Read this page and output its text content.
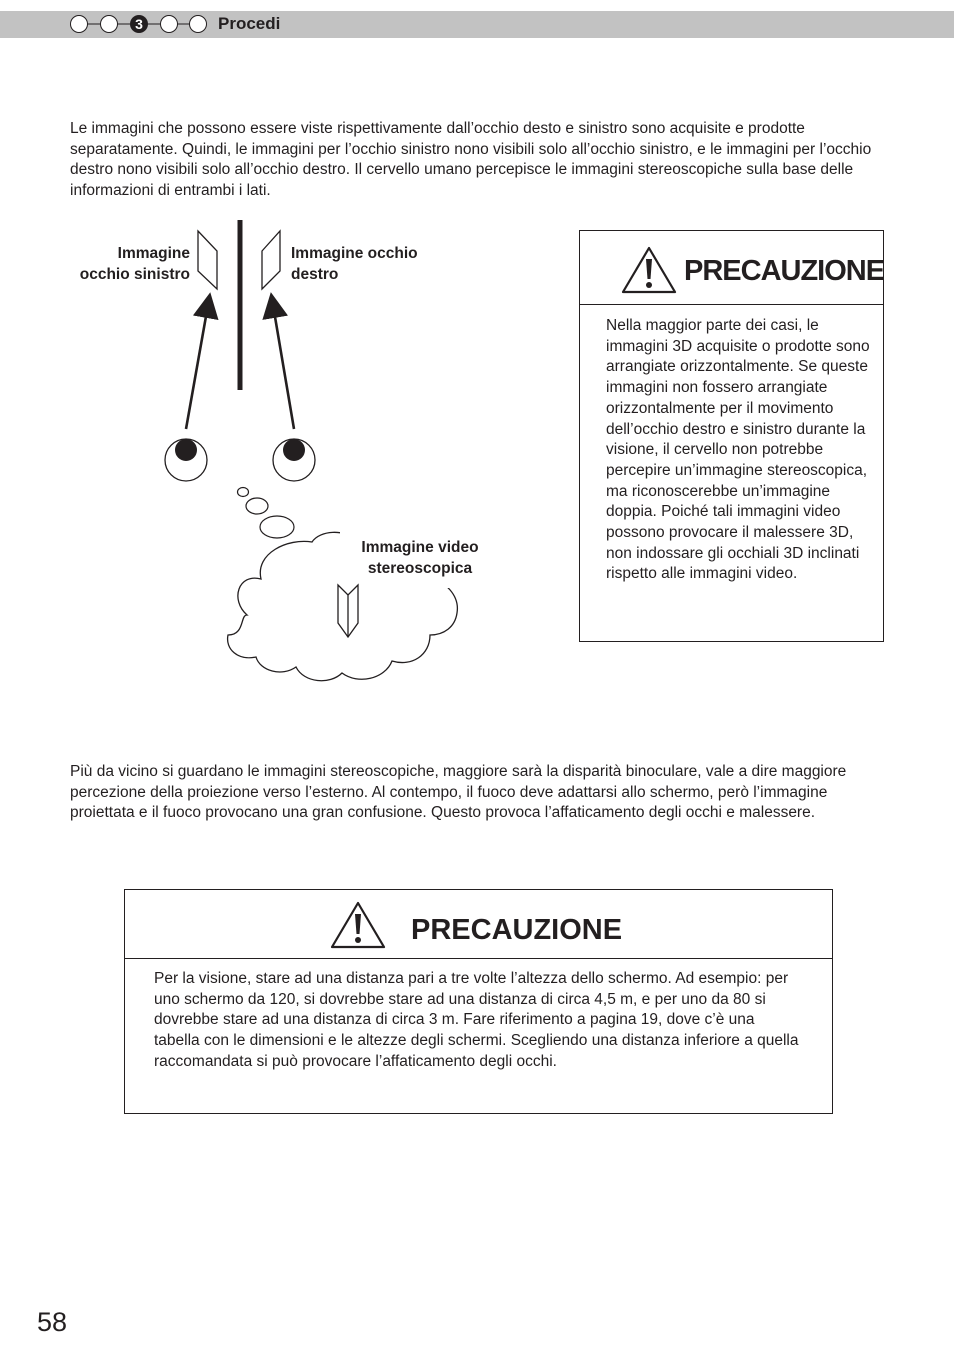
3	Procedi
Le immagini che possono essere viste rispettivamente dall’occhio desto e sinistro sono acquisite e prodotte separatamente. Quindi, le immagini per l’occhio sinistro nono visibili solo all’occhio sinistro, e le immagini per l’occhio destro nono visibili solo all’occhio destro. Il cervello umano percepisce le immagini stereoscopiche sulla base delle informazioni di entrambi i lati.
Immagine
occhio sinistro
Immagine occhio
destro
Immagine video
stereoscopica
PRECAUZIONE
Nella maggior parte dei casi, le immagini 3D acquisite o prodotte sono arrangiate orizzontalmente. Se queste immagini non fossero arrangiate orizzontalmente per il movimento dell’occhio destro e sinistro durante la visione, il cervello non potrebbe percepire un’immagine stereoscopica, ma riconoscerebbe un’immagine doppia. Poiché tali immagini video possono provocare il malessere 3D, non indossare gli occhiali 3D inclinati rispetto alle immagini video.
Più da vicino si guardano le immagini stereoscopiche, maggiore sarà la disparità binoculare, vale a dire maggiore percezione della proiezione verso l’esterno. Al contempo, il fuoco deve adattarsi allo schermo, però l’immagine proiettata e il fuoco provocano una gran confusione. Questo provoca l’affaticamento degli occhi e malessere.
PRECAUZIONE
Per la visione, stare ad una distanza pari a tre volte l’altezza dello schermo. Ad esempio: per uno schermo da 120, si dovrebbe stare ad una distanza di circa 4,5 m, e per uno da 80 si dovrebbe stare ad una distanza di circa 3 m. Fare riferimento a pagina 19, dove c’è una tabella con le dimensioni e le altezze degli schermi. Scegliendo una distanza inferiore a quella raccomandata si può provocare l’affaticamento degli occhi.
58
